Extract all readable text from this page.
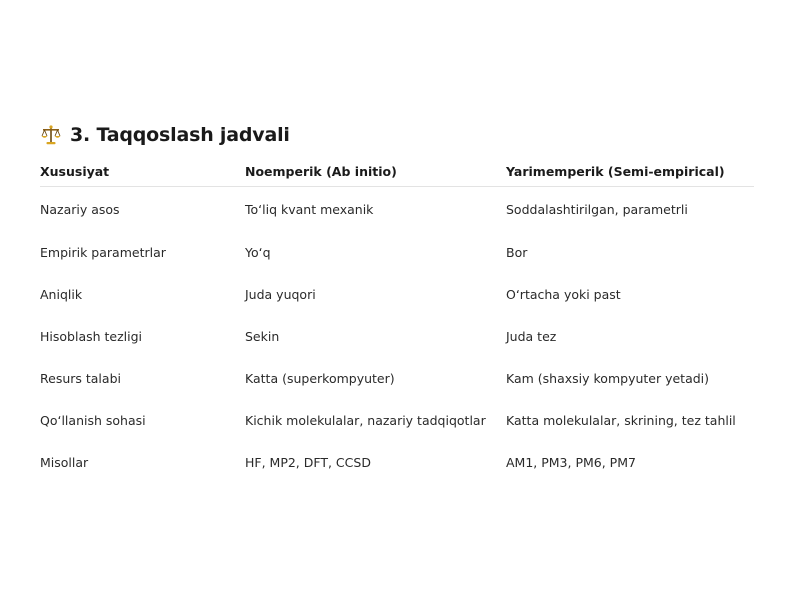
3. Taqqoslash jadvali
Xususiyat	Noemperik (Ab initio)	Yarimemperik (Semi-empirical)
Nazariy asos	To‘liq kvant mexanik	Soddalashtirilgan, parametrli
Empirik parametrlar	Yo‘q	Bor
Aniqlik	Juda yuqori	O‘rtacha yoki past
Hisoblash tezligi	Sekin	Juda tez
Resurs talabi	Katta (superkompyuter)	Kam (shaxsiy kompyuter yetadi)
Qo‘llanish sohasi	Kichik molekulalar, nazariy tadqiqotlar	Katta molekulalar, skrining, tez tahlil
Misollar	HF, MP2, DFT, CCSD	AM1, PM3, PM6, PM7
